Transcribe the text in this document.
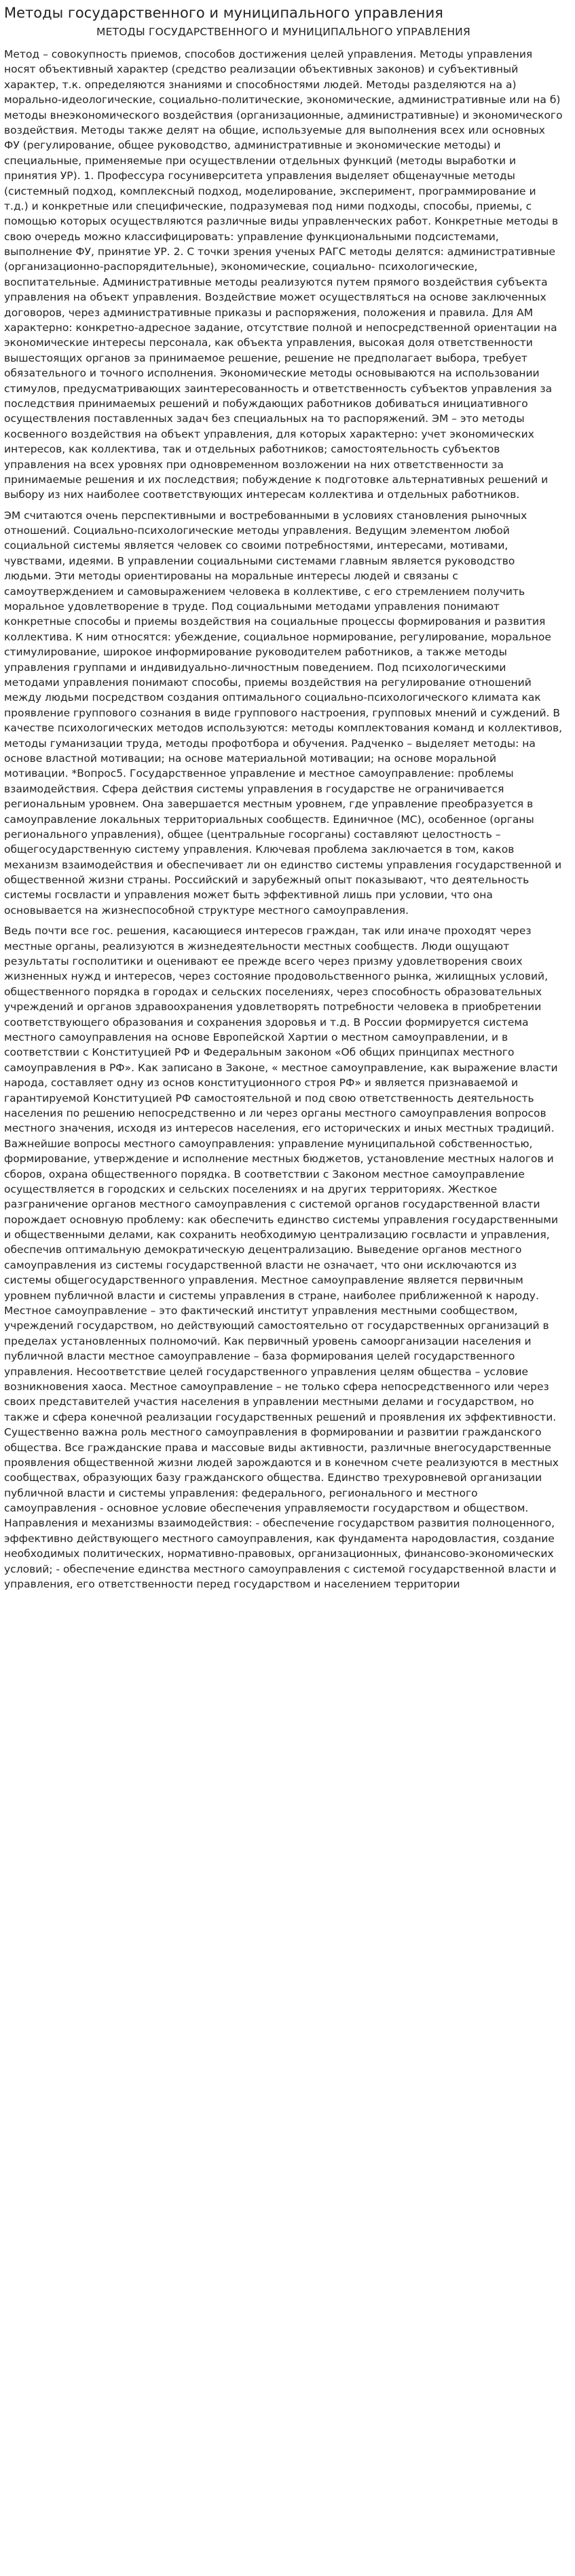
Методы государственного и муниципального управления
МЕТОДЫ ГОСУДАРСТВЕННОГО И МУНИЦИПАЛЬНОГО УПРАВЛЕНИЯ

Метод – совокупность приемов, способов достижения целей управления. Методы управления носят объективный характер (средство реализации объективных законов) и субъективный характер, т.к. определяются знаниями и способностями людей. Методы разделяются на а) морально-идеологические, социально-политические, экономические, административные или на б) методы внеэкономического воздействия (организационные, административные) и экономического воздействия. Методы также делят на общие, используемые для выполнения всех или основных ФУ (регулирование, общее руководство, административные и экономические методы) и специальные, применяемые при осуществлении отдельных функций (методы выработки и принятия УР). 1. Профессура госуниверситета управления выделяет общенаучные методы (системный подход, комплексный подход, моделирование, эксперимент, программирование и т.д.) и конкретные или специфические, подразумевая под ними подходы, способы, приемы, с помощью которых осуществляются различные виды управленческих работ. Конкретные методы в свою очередь можно классифицировать: управление функциональными подсистемами, выполнение ФУ, принятие УР. 2. С точки зрения ученых РАГС методы делятся: административные (организационно-распорядительные), экономические, социально- психологические, воспитательные. Административные методы реализуются путем прямого воздействия субъекта управления на объект управления. Воздействие может осуществляться на основе заключенных договоров, через административные приказы и распоряжения, положения и правила. Для АМ характерно: конкретно-адресное задание, отсутствие полной и непосредственной ориентации на экономические интересы персонала, как объекта управления, высокая доля ответственности вышестоящих органов за принимаемое решение, решение не предполагает выбора, требует обязательного и точного исполнения. Экономические методы основываются на использовании стимулов, предусматривающих заинтересованность и ответственность субъектов управления за последствия принимаемых решений и побуждающих работников добиваться инициативного осуществления поставленных задач без специальных на то распоряжений. ЭМ – это методы косвенного воздействия на объект управления, для которых характерно: учет экономических интересов, как коллектива, так и отдельных работников; самостоятельность субъектов управления на всех уровнях при одновременном возложении на них ответственности за принимаемые решения и их последствия; побуждение к подготовке альтернативных решений и выбору из них наиболее соответствующих интересам коллектива и отдельных работников.

ЭМ считаются очень перспективными и востребованными в условиях становления рыночных отношений. Социально-психологические методы управления. Ведущим элементом любой социальной системы является человек со своими потребностями, интересами, мотивами, чувствами, идеями. В управлении социальными системами главным является руководство людьми. Эти методы ориентированы на моральные интересы людей и связаны с самоутверждением и самовыражением человека в коллективе, с его стремлением получить моральное удовлетворение в труде. Под социальными методами управления понимают конкретные способы и приемы воздействия на социальные процессы формирования и развития коллектива. К ним относятся: убеждение, социальное нормирование, регулирование, моральное стимулирование, широкое информирование руководителем работников, а также методы управления группами и индивидуально-личностным поведением. Под психологическими методами управления понимают способы, приемы воздействия на регулирование отношений между людьми посредством создания оптимального социально-психологического климата как проявление группового сознания в виде группового настроения, групповых мнений и суждений. В качестве психологических методов используются: методы комплектования команд и коллективов, методы гуманизации труда, методы профотбора и обучения. Радченко – выделяет методы: на основе властной мотивации; на основе материальной мотивации; на основе моральной мотивации. *Вопрос5. Государственное управление и местное самоуправление: проблемы взаимодействия. Сфера действия системы управления в государстве не ограничивается региональным уровнем. Она завершается местным уровнем, где управление преобразуется в самоуправление локальных территориальных сообществ. Единичное (МС), особенное (органы регионального управления), общее (центральные госорганы) составляют целостность – общегосударственную систему управления. Ключевая проблема заключается в том, каков механизм взаимодействия и обеспечивает ли он единство системы управления государственной и общественной жизни страны. Российский и зарубежный опыт показывают, что деятельность системы госвласти и управления может быть эффективной лишь при условии, что она основывается на жизнеспособной структуре местного самоуправления.

Ведь почти все гос. решения, касающиеся интересов граждан, так или иначе проходят через местные органы, реализуются в жизнедеятельности местных сообществ. Люди ощущают результаты госполитики и оценивают ее прежде всего через призму удовлетворения своих жизненных нужд и интересов, через состояние продовольственного рынка, жилищных условий, общественного порядка в городах и сельских поселениях, через способность образовательных учреждений и органов здравоохранения удовлетворять потребности человека в приобретении соответствующего образования и сохранения здоровья и т.д. В России формируется система местного самоуправления на основе Европейской Хартии о местном самоуправлении, и в соответствии с Конституцией РФ и Федеральным законом «Об общих принципах местного самоуправления в РФ». Как записано в Законе, « местное самоуправление, как выражение власти народа, составляет одну из основ конституционного строя РФ» и является признаваемой и гарантируемой Конституцией РФ самостоятельной и под свою ответственность деятельность населения по решению непосредственно и ли через органы местного самоуправления вопросов местного значения, исходя из интересов населения, его исторических и иных местных традиций. Важнейшие вопросы местного самоуправления: управление муниципальной собственностью, формирование, утверждение и исполнение местных бюджетов, установление местных налогов и сборов, охрана общественного порядка. В соответствии с Законом местное самоуправление осуществляется в городских и сельских поселениях и на других территориях. Жесткое разграничение органов местного самоуправления с системой органов государственной власти порождает основную проблему: как обеспечить единство системы управления государственными и общественными делами, как сохранить необходимую централизацию госвласти и управления, обеспечив оптимальную демократическую децентрализацию. Выведение органов местного самоуправления из системы государственной власти не означает, что они исключаются из системы общегосударственного управления. Местное самоуправление является первичным уровнем публичной власти и системы управления в стране, наиболее приближенной к народу. Местное самоуправление – это фактический институт управления местными сообществом, учреждений государством, но действующий самостоятельно от государственных организаций в пределах установленных полномочий. Как первичный уровень самоорганизации населения и публичной власти местное самоуправление – база формирования целей государственного управления. Несоответствие целей государственного управления целям общества – условие возникновения хаоса. Местное самоуправление – не только сфера непосредственного или через своих представителей участия населения в управлении местными делами и государством, но также и сфера конечной реализации государственных решений и проявления их эффективности. Существенно важна роль местного самоуправления в формировании и развитии гражданского общества. Все гражданские права и массовые виды активности, различные внегосударственные проявления общественной жизни людей зарождаются и в конечном счете реализуются в местных сообществах, образующих базу гражданского общества. Единство трехуровневой организации публичной власти и системы управления: федерального, регионального и местного самоуправления - основное условие обеспечения управляемости государством и обществом. Направления и механизмы взаимодействия: - обеспечение государством развития полноценного, эффективно действующего местного самоуправления, как фундамента народовластия, создание необходимых политических, нормативно-правовых, организационных, финансово-экономических условий; - обеспечение единства местного самоуправления с системой государственной власти и управления, его ответственности перед государством и населением территории
